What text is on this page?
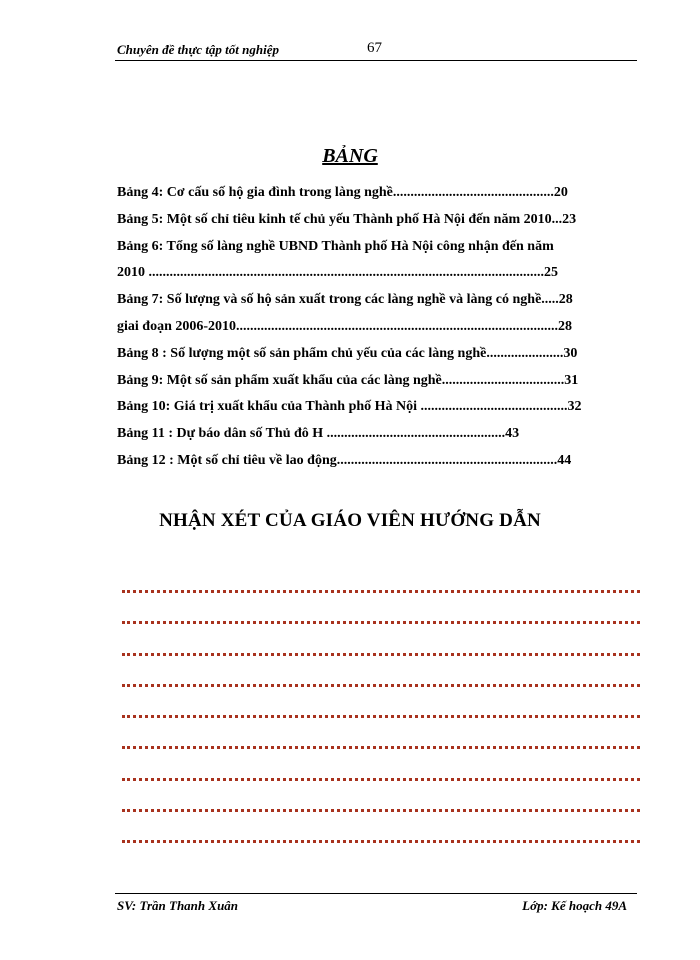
Chuyên đề thực tập tốt nghiệp	67
BẢNG
Bảng 4: Cơ cấu số hộ gia đình trong làng nghề..............................................20
Bảng 5: Một số chỉ tiêu kinh tế chủ yếu Thành phố Hà Nội đến năm 2010...23
Bảng 6: Tổng số làng nghề UBND Thành phố Hà Nội công nhận đến năm
2010 .................................................................................................................25
Bảng 7: Số lượng và số hộ sản xuất trong các làng nghề và làng có nghề.....28
giai đoạn 2006-2010............................................................................................28
Bảng 8 : Số lượng một số sản phẩm chủ yếu của các làng nghề......................30
Bảng 9: Một số sản phẩm xuất khẩu của các làng nghề...................................31
Bảng 10: Giá trị xuất khẩu của Thành phố Hà Nội ..........................................32
Bảng 11 : Dự báo dân số Thủ đô H ...................................................43
Bảng 12 : Một số chỉ tiêu về lao động...............................................................44
NHẬN XÉT CỦA GIÁO VIÊN HƯỚNG DẪN
SV: Trần Thanh Xuân	Lớp: Kế hoạch 49A
